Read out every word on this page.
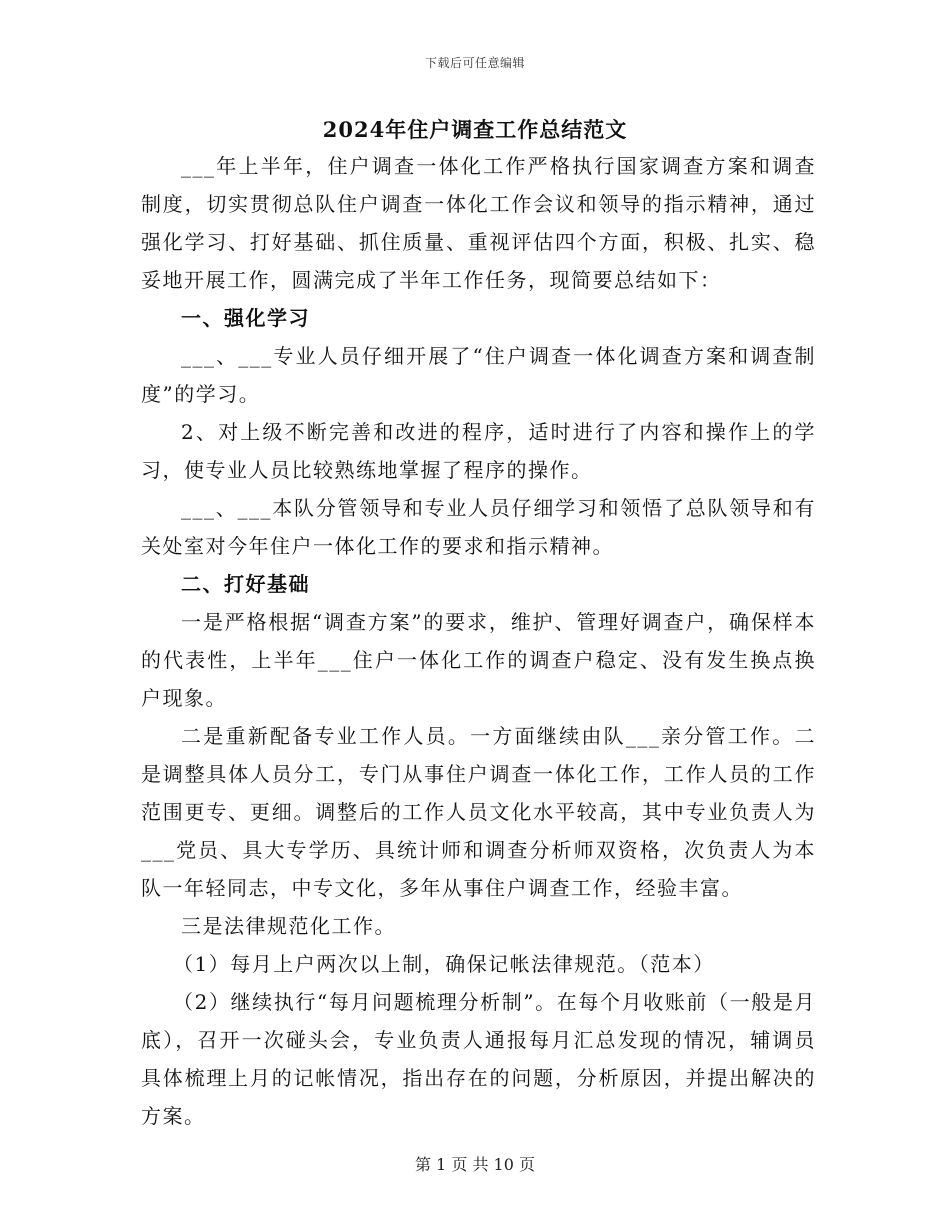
下载后可任意编辑
2024年住户调查工作总结范文

___年上半年，住户调查一体化工作严格执行国家调查方案和调查制度，切实贯彻总队住户调查一体化工作会议和领导的指示精神，通过强化学习、打好基础、抓住质量、重视评估四个方面，积极、扎实、稳妥地开展工作，圆满完成了半年工作任务，现简要总结如下：

一、强化学习

___、___专业人员仔细开展了“住户调查一体化调查方案和调查制度”的学习。

2、对上级不断完善和改进的程序，适时进行了内容和操作上的学习，使专业人员比较熟练地掌握了程序的操作。

___、___本队分管领导和专业人员仔细学习和领悟了总队领导和有关处室对今年住户一体化工作的要求和指示精神。

二、打好基础

一是严格根据“调查方案”的要求，维护、管理好调查户，确保样本的代表性，上半年___住户一体化工作的调查户稳定、没有发生换点换户现象。

二是重新配备专业工作人员。一方面继续由队___亲分管工作。二是调整具体人员分工，专门从事住户调查一体化工作，工作人员的工作范围更专、更细。调整后的工作人员文化水平较高，其中专业负责人为___党员、具大专学历、具统计师和调查分析师双资格，次负责人为本队一年轻同志，中专文化，多年从事住户调查工作，经验丰富。

三是法律规范化工作。

（1）每月上户两次以上制，确保记帐法律规范。（范本）

（2）继续执行“每月问题梳理分析制”。在每个月收账前（一般是月底），召开一次碰头会，专业负责人通报每月汇总发现的情况，辅调员具体梳理上月的记帐情况，指出存在的问题，分析原因，并提出解决的方案。

第 1 页 共 10 页
